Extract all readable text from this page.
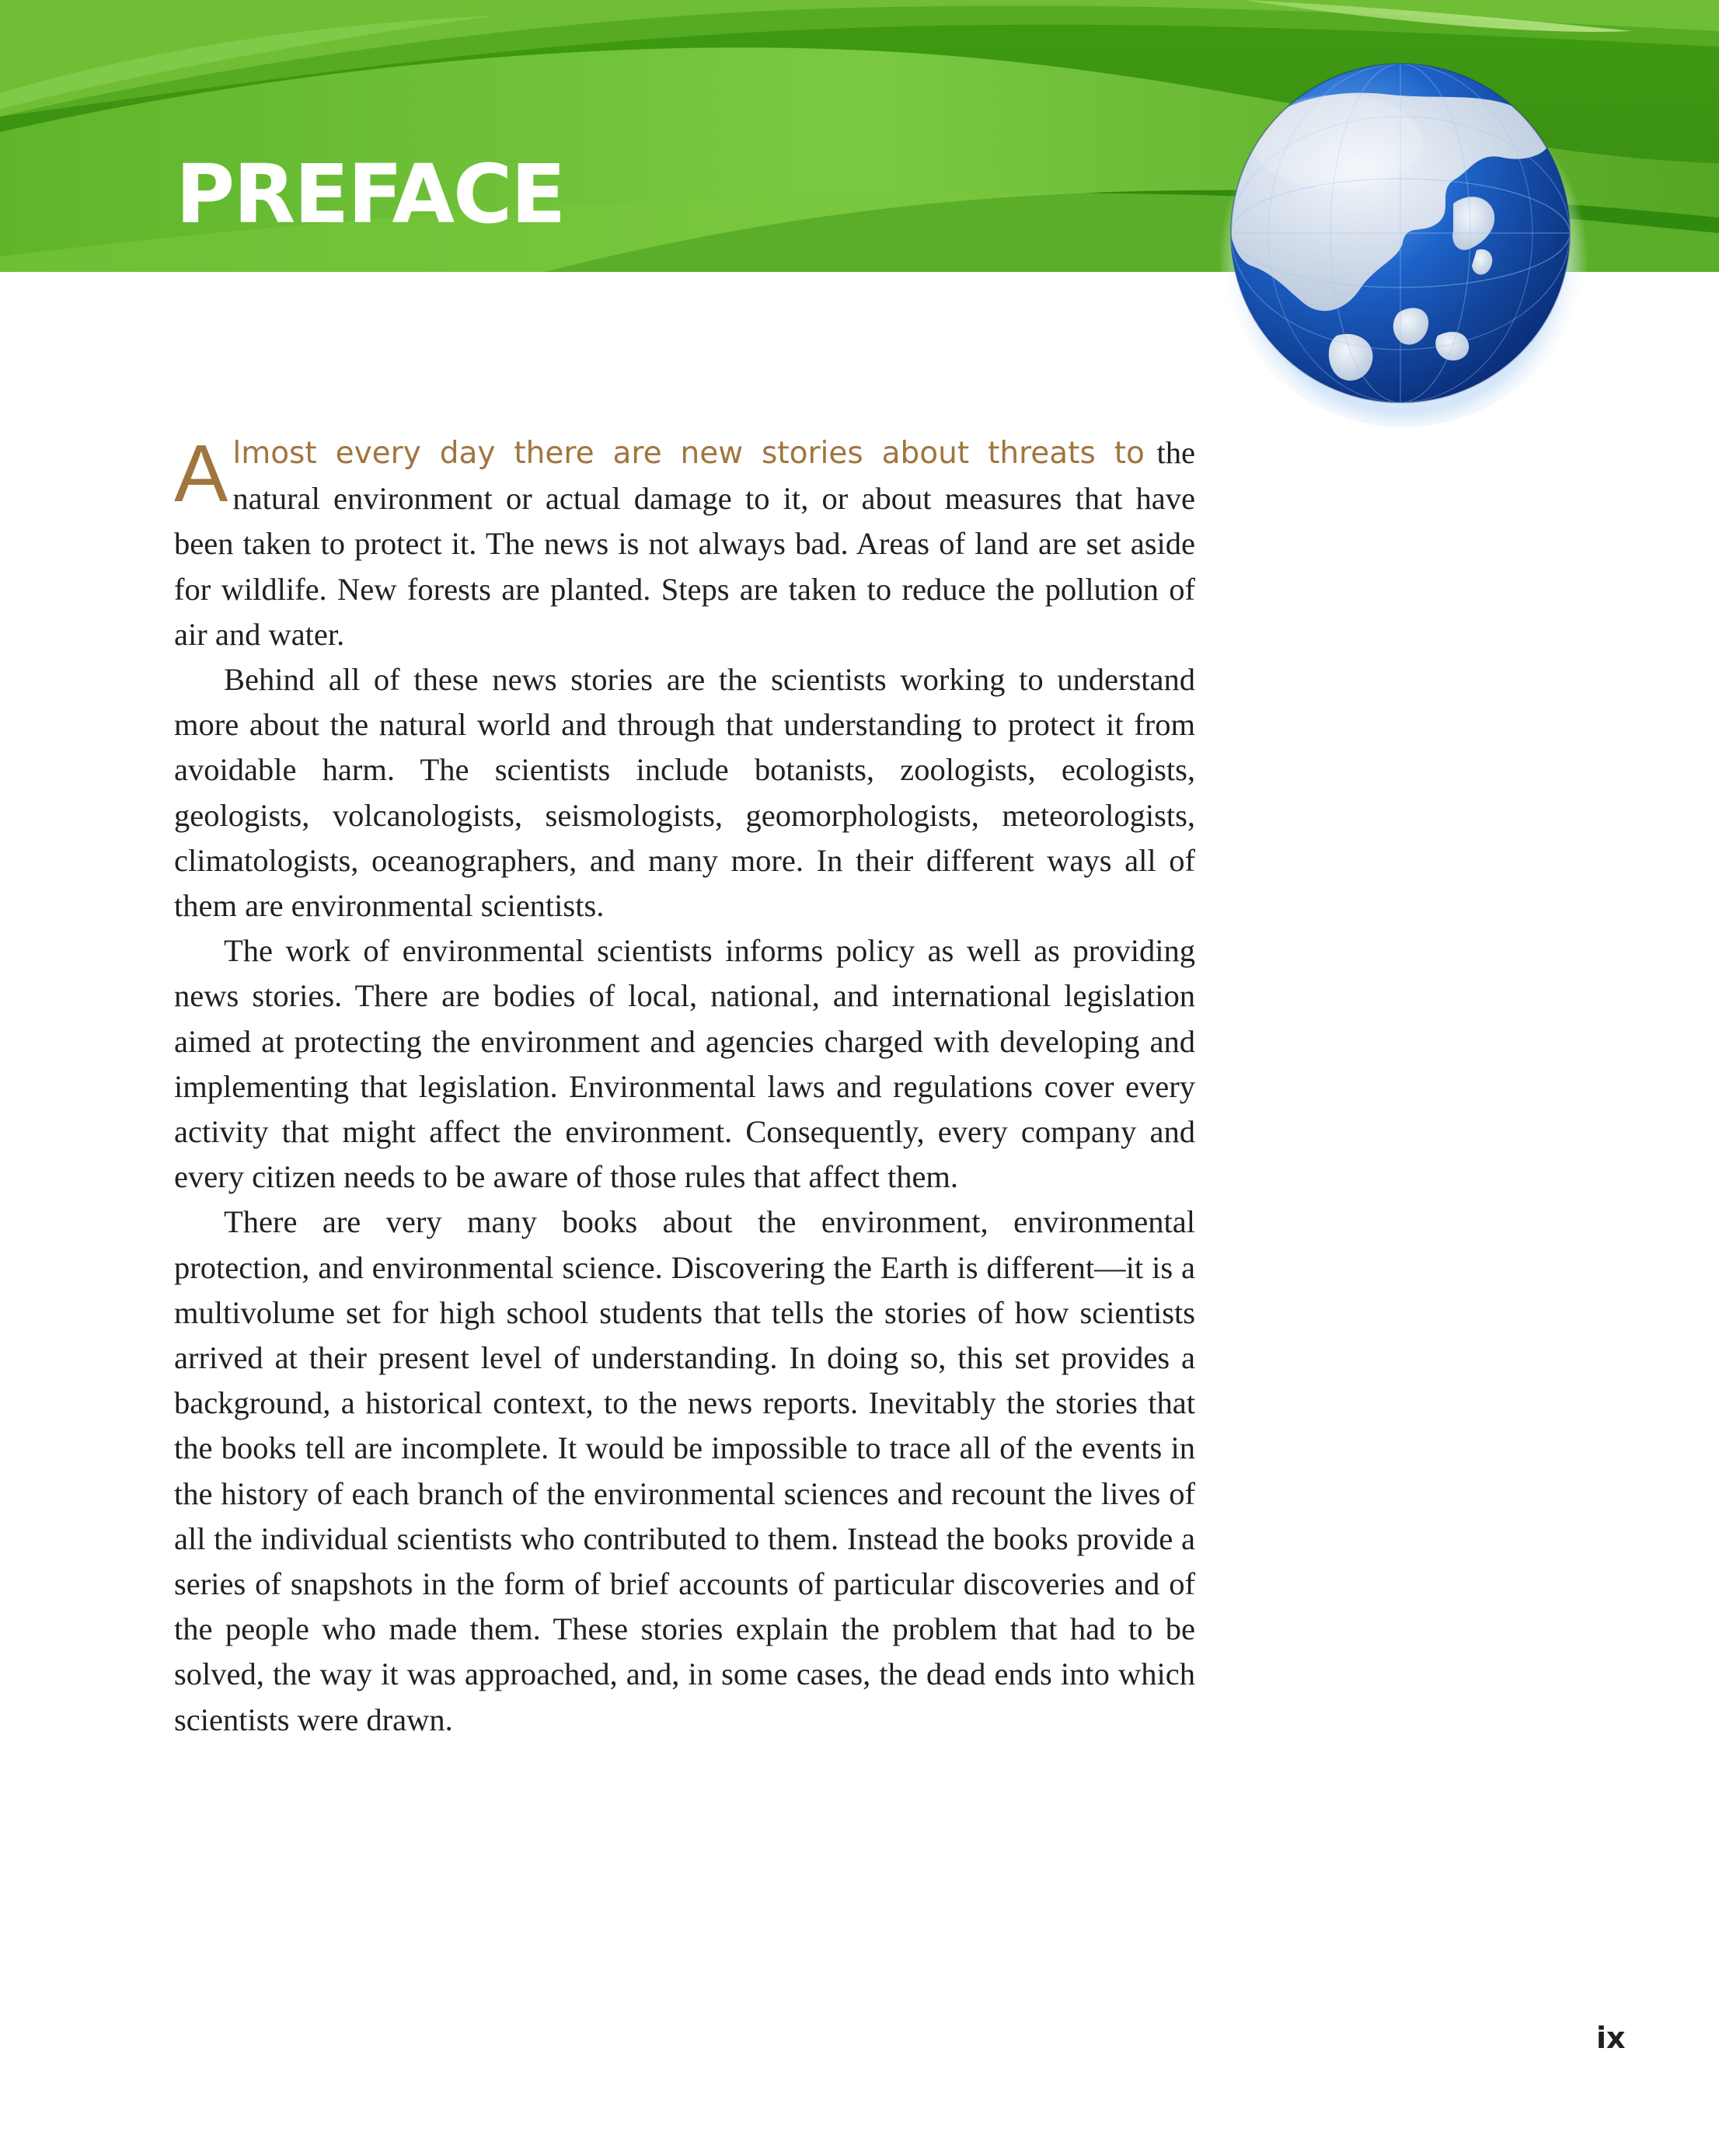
PREFACE

Almost every day there are new stories about threats to the natural environment or actual damage to it, or about measures that have been taken to protect it. The news is not always bad. Areas of land are set aside for wildlife. New forests are planted. Steps are taken to reduce the pollution of air and water.

Behind all of these news stories are the scientists working to understand more about the natural world and through that understanding to protect it from avoidable harm. The scientists include botanists, zoologists, ecologists, geologists, volcanologists, seismologists, geomorphologists, meteorologists, climatologists, oceanographers, and many more. In their different ways all of them are environmental scientists.

The work of environmental scientists informs policy as well as providing news stories. There are bodies of local, national, and international legislation aimed at protecting the environment and agencies charged with developing and implementing that legislation. Environmental laws and regulations cover every activity that might affect the environment. Consequently, every company and every citizen needs to be aware of those rules that affect them.

There are very many books about the environment, environmental protection, and environmental science. Discovering the Earth is different—it is a multivolume set for high school students that tells the stories of how scientists arrived at their present level of understanding. In doing so, this set provides a background, a historical context, to the news reports. Inevitably the stories that the books tell are incomplete. It would be impossible to trace all of the events in the history of each branch of the environmental sciences and recount the lives of all the individual scientists who contributed to them. Instead the books provide a series of snapshots in the form of brief accounts of particular discoveries and of the people who made them. These stories explain the problem that had to be solved, the way it was approached, and, in some cases, the dead ends into which scientists were drawn.

ix
